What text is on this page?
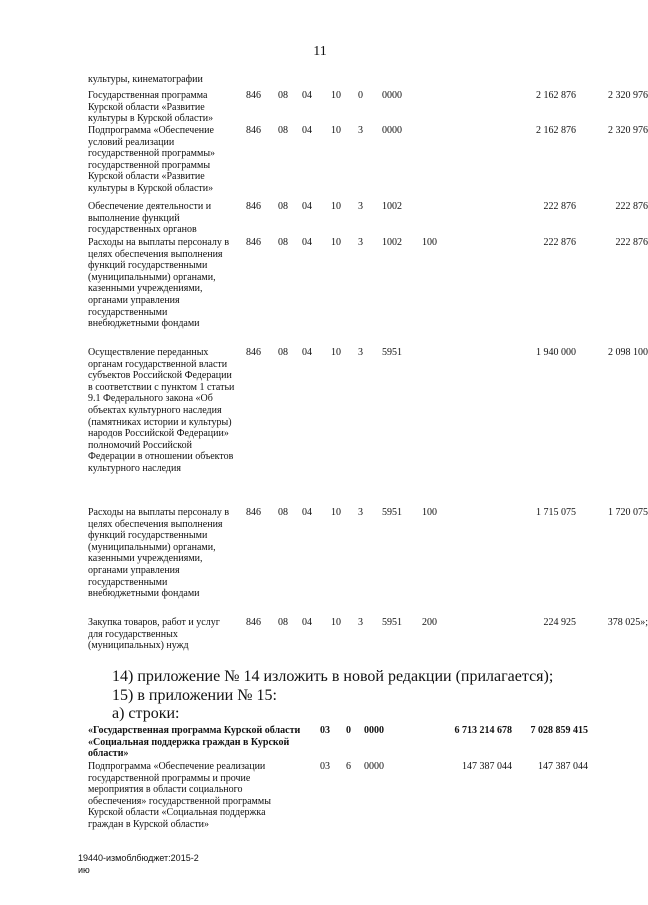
11
культуры, кинематографии
Государственная программа Курской области «Развитие культуры в Курской области»
846 08 04 10 0 0000	2 162 876	2 320 976
Подпрограмма «Обеспечение условий реализации государственной программы» государственной программы Курской области «Развитие культуры в Курской области»
846 08 04 10 3 0000	2 162 876	2 320 976
Обеспечение деятельности и выполнение функций государственных органов
846 08 04 10 3 1002	222 876	222 876
Расходы на выплаты персоналу в целях обеспечения выполнения функций государственными (муниципальными) органами, казенными учреждениями, органами управления государственными внебюджетными фондами
846 08 04 10 3 1002 100	222 876	222 876
Осуществление переданных органам государственной власти субъектов Российской Федерации в соответствии с пунктом 1 статьи 9.1 Федерального закона «Об объектах культурного наследия (памятниках истории и культуры) народов Российской Федерации» полномочий Российской Федерации в отношении объектов культурного наследия
846 08 04 10 3 5951	1 940 000	2 098 100
Расходы на выплаты персоналу в целях обеспечения выполнения функций государственными (муниципальными) органами, казенными учреждениями, органами управления государственными внебюджетными фондами
846 08 04 10 3 5951 100	1 715 075	1 720 075
Закупка товаров, работ и услуг для государственных (муниципальных) нужд
846 08 04 10 3 5951 200	224 925	378 025»;
14) приложение № 14 изложить в новой редакции (прилагается);
15) в приложении № 15:
а) строки:
«Государственная программа Курской области «Социальная поддержка граждан в Курской области»
03 0 0000	6 713 214 678	7 028 859 415
Подпрограмма «Обеспечение реализации государственной программы и прочие мероприятия в области социального обеспечения» государственной программы Курской области «Социальная поддержка граждан в Курской области»
03 6 0000	147 387 044	147 387 044
19440-измоблбюджет:2015-2
ию
